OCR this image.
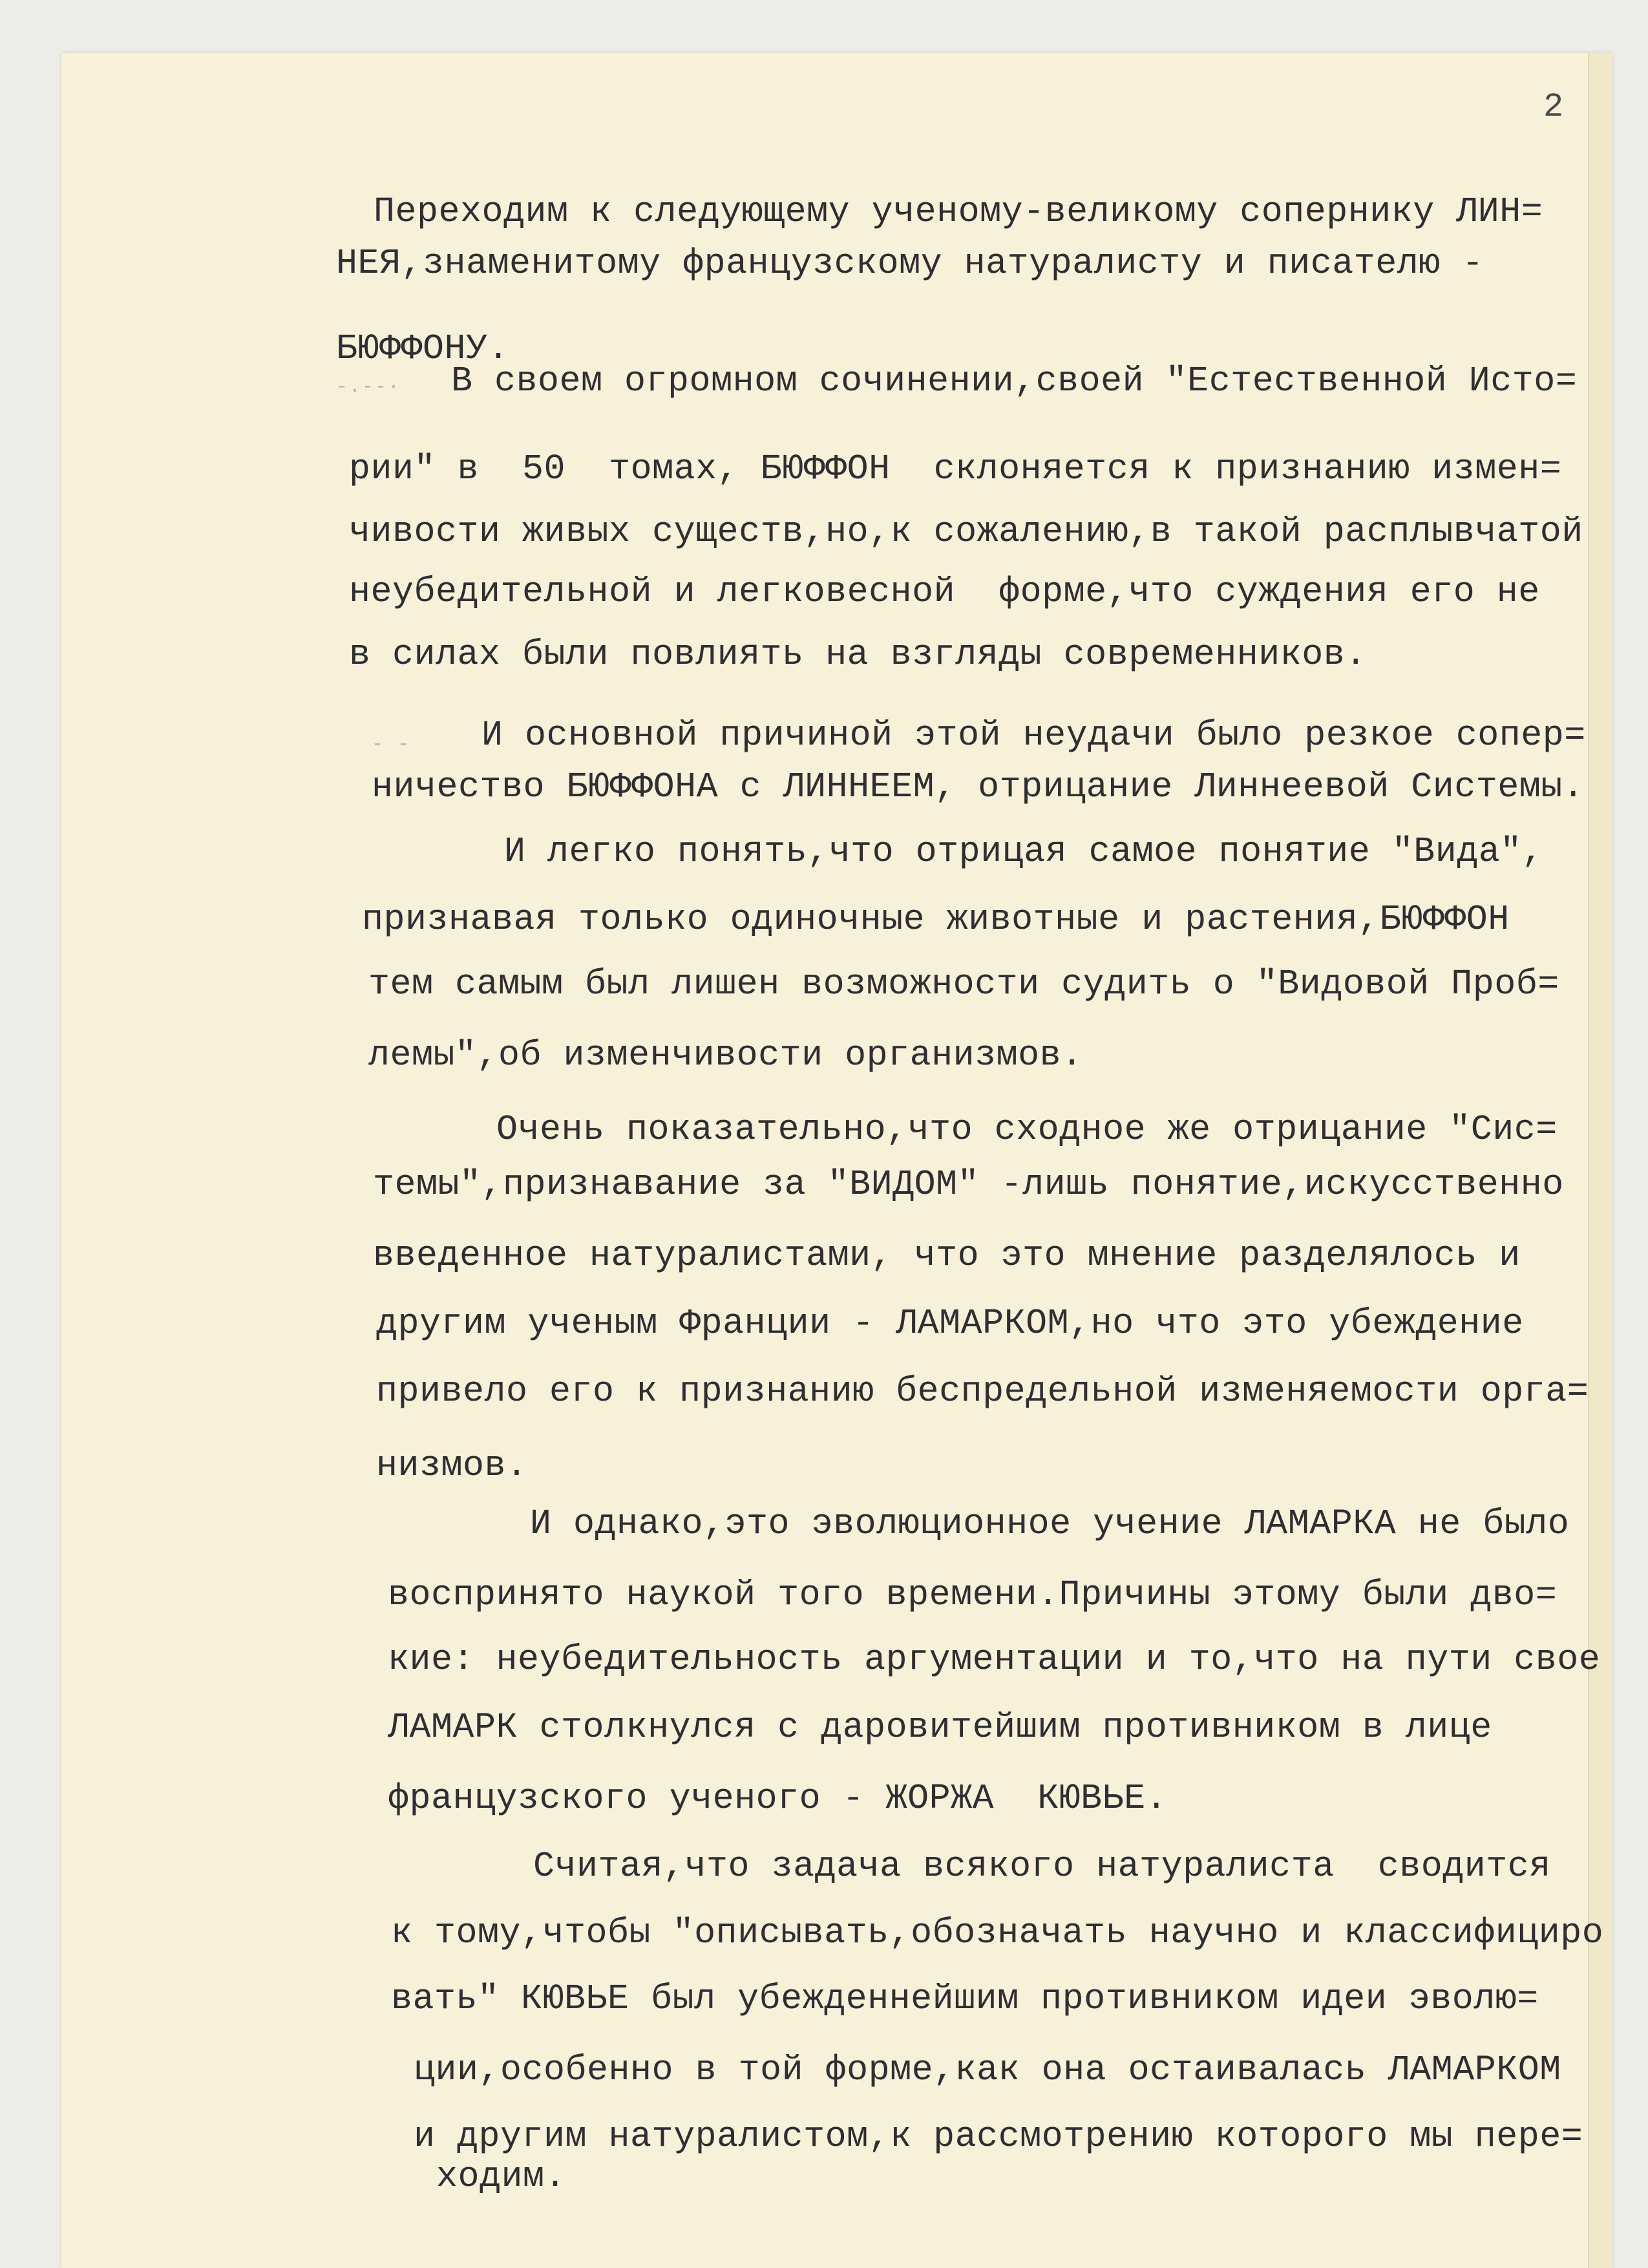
2
-.--·
- -
Переходим к следующему ученому-великому сопернику ЛИН=
НЕЯ,знаменитому французскому натуралисту и писателю -
БЮФФОНУ.
В своем огромном сочинении,своей "Естественной Исто=
рии" в  50  томах, БЮФФОН  склоняется к признанию измен=
чивости живых существ,но,к сожалению,в такой расплывчатой
неубедительной и легковесной  форме,что суждения его не
в силах были повлиять на взгляды современников.
И основной причиной этой неудачи было резкое сопер=
ничество БЮФФОНА с ЛИННЕЕМ, отрицание Линнеевой Системы.
И легко понять,что отрицая самое понятие "Вида",
признавая только одиночные животные и растения,БЮФФОН
тем самым был лишен возможности судить о "Видовой Проб=
лемы",об изменчивости организмов.
Очень показательно,что сходное же отрицание "Сис=
темы",признавание за "ВИДОМ" -лишь понятие,искусственно
введенное натуралистами, что это мнение разделялось и
другим ученым Франции - ЛАМАРКОМ,но что это убеждение
привело его к признанию беспредельной изменяемости орга=
низмов.
И однако,это эволюционное учение ЛАМАРКА не было
воспринято наукой того времени.Причины этому были дво=
кие: неубедительность аргументации и то,что на пути свое
ЛАМАРК столкнулся с даровитейшим противником в лице
французского ученого - ЖОРЖА  КЮВЬЕ.
Считая,что задача всякого натуралиста  сводится
к тому,чтобы "описывать,обозначать научно и классифициро
вать" КЮВЬЕ был убежденнейшим противником идеи эволю=
ции,особенно в той форме,как она остаивалась ЛАМАРКОМ
и другим натуралистом,к рассмотрению которого мы пере=
ходим.
